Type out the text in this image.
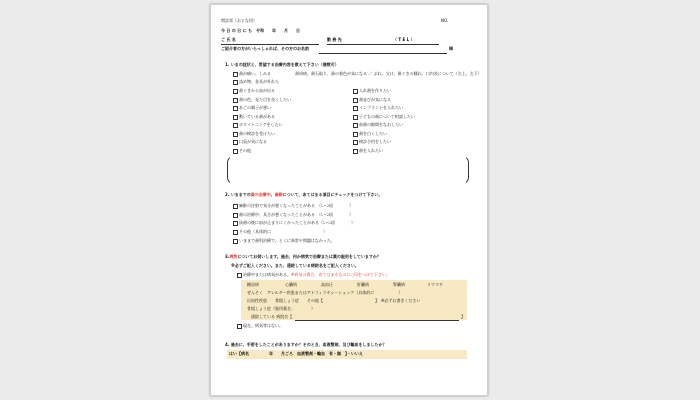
問診票（おとな用）	NO.
今 日 の 日 に ち　令和　　年　　月　　日
ご 氏 名	勤 務 先	（ T E L ）
ご紹介者の方がいらっしゃれば、その方のお名前	様
1. いまの症状と、希望する治療内容を教えて下さい（複数可）
歯が痛い、しみる
詰め物、金具が外れた
歯ぐきから血が出る
歯の色、見た目を良くしたい
あごの調子が悪い
動いている歯がある
ホワイトニングをしたい
歯の検診を受けたい
口臭が気になる
その他
歯周病、歯石取り、歯の着色が気になる ／ ぶれ、欠け、歯ぐきの腫れ、口内炎について（右上、左下）
入れ歯を作りたい
歯並びが気になる
インプラントを入れたい
子どもの歯について相談したい
前歯の隙間をなおしたい
歯を白くしたい
検診予約をしたい
歯を入れたい
2. いままでの歯の治療中、麻酔について、あてはまる項目にチェックをつけて下さい。
麻酔の注射で気分が悪くなったことがある　（いつ頃　　　　）
歯の治療中、具合が悪くなったことがある　（いつ頃　　　　）
抜歯の後に血が止まりにくかったことがある（いつ頃　　　　）
その他（具体的に　　　　　　　　　　　　　）
いままで歯科治療で、とくに異常や問題はなかった。
3.病気についてお伺いします。過去、何か病気で治療または薬の服用をしていますか？
※必ずご記入ください。また、通院している病院名をご記入ください。
治療中または病気がある。※病気の場合、あてはまるものに○印をつけて下さい。
糖尿病	心臓病	高血圧	肝臓病	腎臓病	リウマチ
ぜんそく　アレルギー疾患またはアナフィラキシーショック（具体的に　　　　　　）
出血性疾患　　骨粗しょう症　　その他【　　　　　　　　　　　　　】　※必ずお書きください
骨粗しょう症（服用薬名：　　　　）
通院している 病院名【	】
現在、病気等はない。
4. 過去に、手術をしたことがありますか？そのとき、血液製剤、及び輸血をしましたか？
はい【病名　　　　　年　　月ごろ　血液製剤・輸血　有・無　】・いいえ
